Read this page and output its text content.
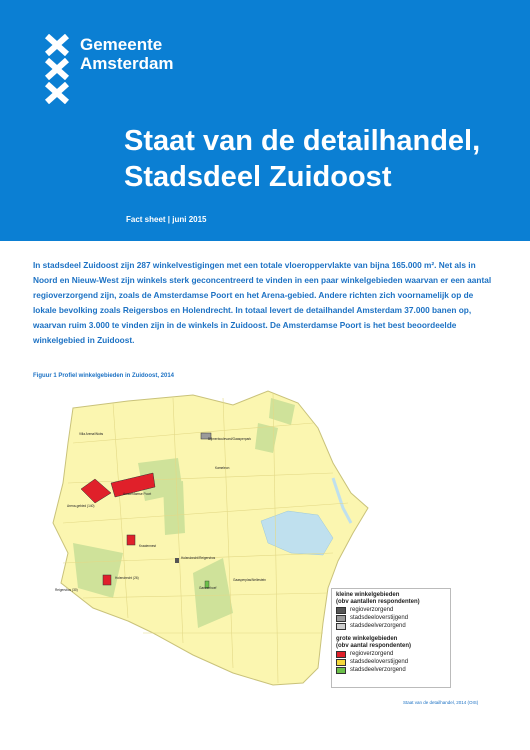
Gemeente
Amsterdam
Staat van de detailhandel,
Stadsdeel Zuidoost
Fact sheet | juni 2015

In stadsdeel Zuidoost zijn 287 winkelvestigingen met een totale vloeroppervlakte van bijna 165.000 m². Net als in Noord en Nieuw-West zijn winkels sterk geconcentreerd te vinden in een paar winkelgebieden waarvan er een aantal regioverzorgend zijn, zoals de Amsterdamse Poort en het Arena-gebied. Andere richten zich voornamelijk op de lokale bevolking zoals Reigersbos en Holendrecht. In totaal levert de detailhandel Amsterdam 37.000 banen op, waarvan ruim 3.000 te vinden zijn in de winkels in Zuidoost. De Amsterdamse Poort is het best beoordeelde winkelgebied in Zuidoost.

Figuur 1 Profiel winkelgebieden in Zuidoost, 2014
Villa Arena/Wobs
Bijlmerboulevard/Gaasperpark
Kameleon
Amsterdamse Poort
Arena-gebied (140)
Kraaiennest
Holendrecht/Reigersbos
Ganzenhoef
Holendrecht (26)
Reigersbos (30)
Gaasperplas/Nellestein
kleine winkelgebieden
(obv aantallen respondenten)
regioverzorgend
stadsdeeloverstijgend
stadsdeelverzorgend
grote winkelgebieden
(obv aantal respondenten)
regioverzorgend
stadsdeeloverstijgend
stadsdeelverzorgend
Staat van de detailhandel, 2014 (OIS)
